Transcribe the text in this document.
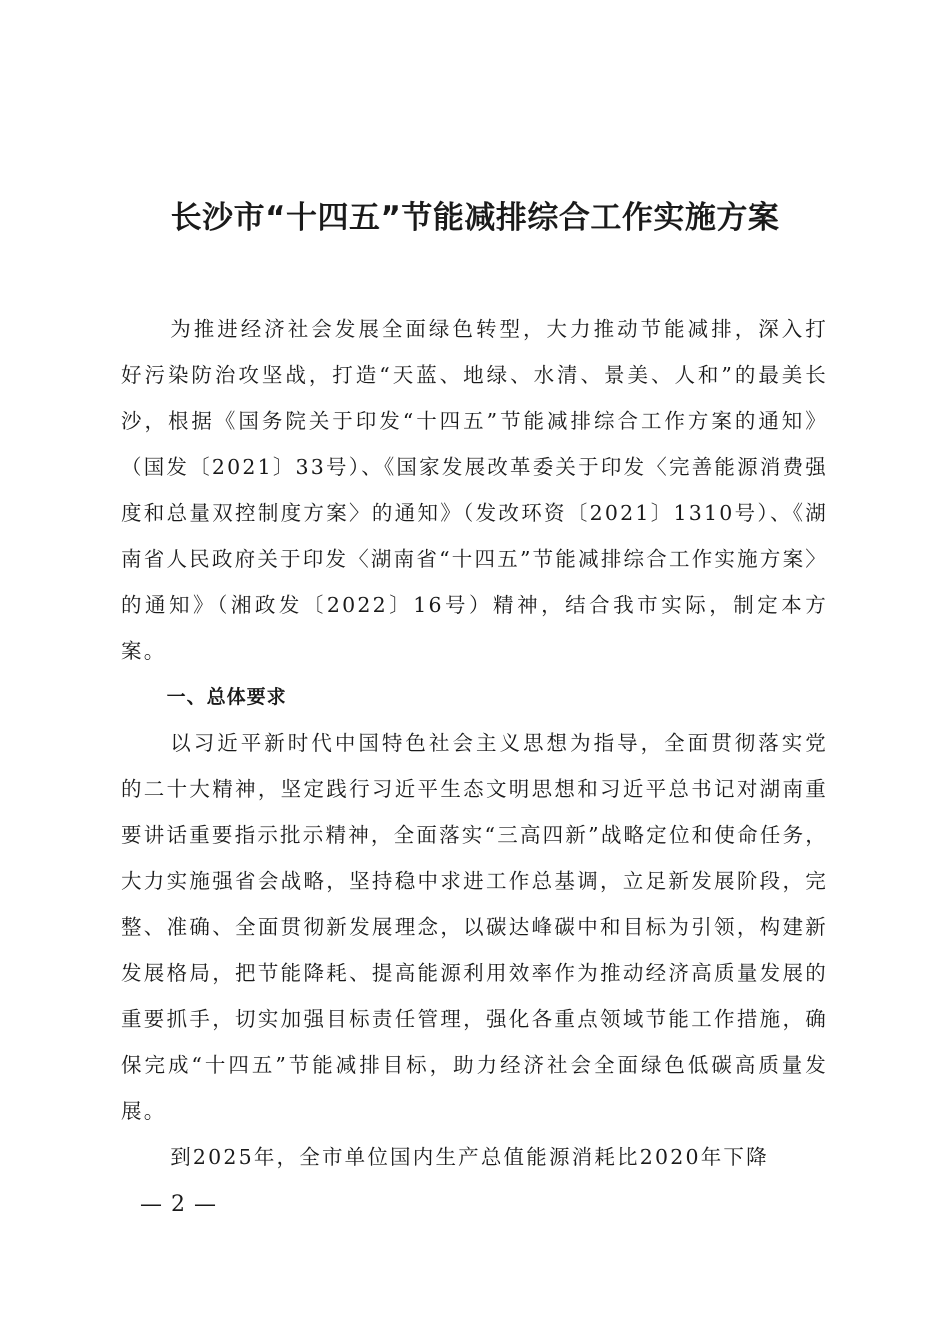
长沙市“十四五”节能减排综合工作实施方案

为推进经济社会发展全面绿色转型，大力推动节能减排，深入打好污染防治攻坚战，打造“天蓝、地绿、水清、景美、人和”的最美长沙，根据《国务院关于印发“十四五”节能减排综合工作方案的通知》（国发〔2021〕33号）、《国家发展改革委关于印发〈完善能源消费强度和总量双控制度方案〉的通知》（发改环资〔2021〕1310号）、《湖南省人民政府关于印发〈湖南省“十四五”节能减排综合工作实施方案〉的通知》（湘政发〔2022〕16号）精神，结合我市实际，制定本方案。

一、总体要求

以习近平新时代中国特色社会主义思想为指导，全面贯彻落实党的二十大精神，坚定践行习近平生态文明思想和习近平总书记对湖南重要讲话重要指示批示精神，全面落实“三高四新”战略定位和使命任务，大力实施强省会战略，坚持稳中求进工作总基调，立足新发展阶段，完整、准确、全面贯彻新发展理念，以碳达峰碳中和目标为引领，构建新发展格局，把节能降耗、提高能源利用效率作为推动经济高质量发展的重要抓手，切实加强目标责任管理，强化各重点领域节能工作措施，确保完成“十四五”节能减排目标，助力经济社会全面绿色低碳高质量发展。

到2025年，全市单位国内生产总值能源消耗比2020年下降

— 2 —
